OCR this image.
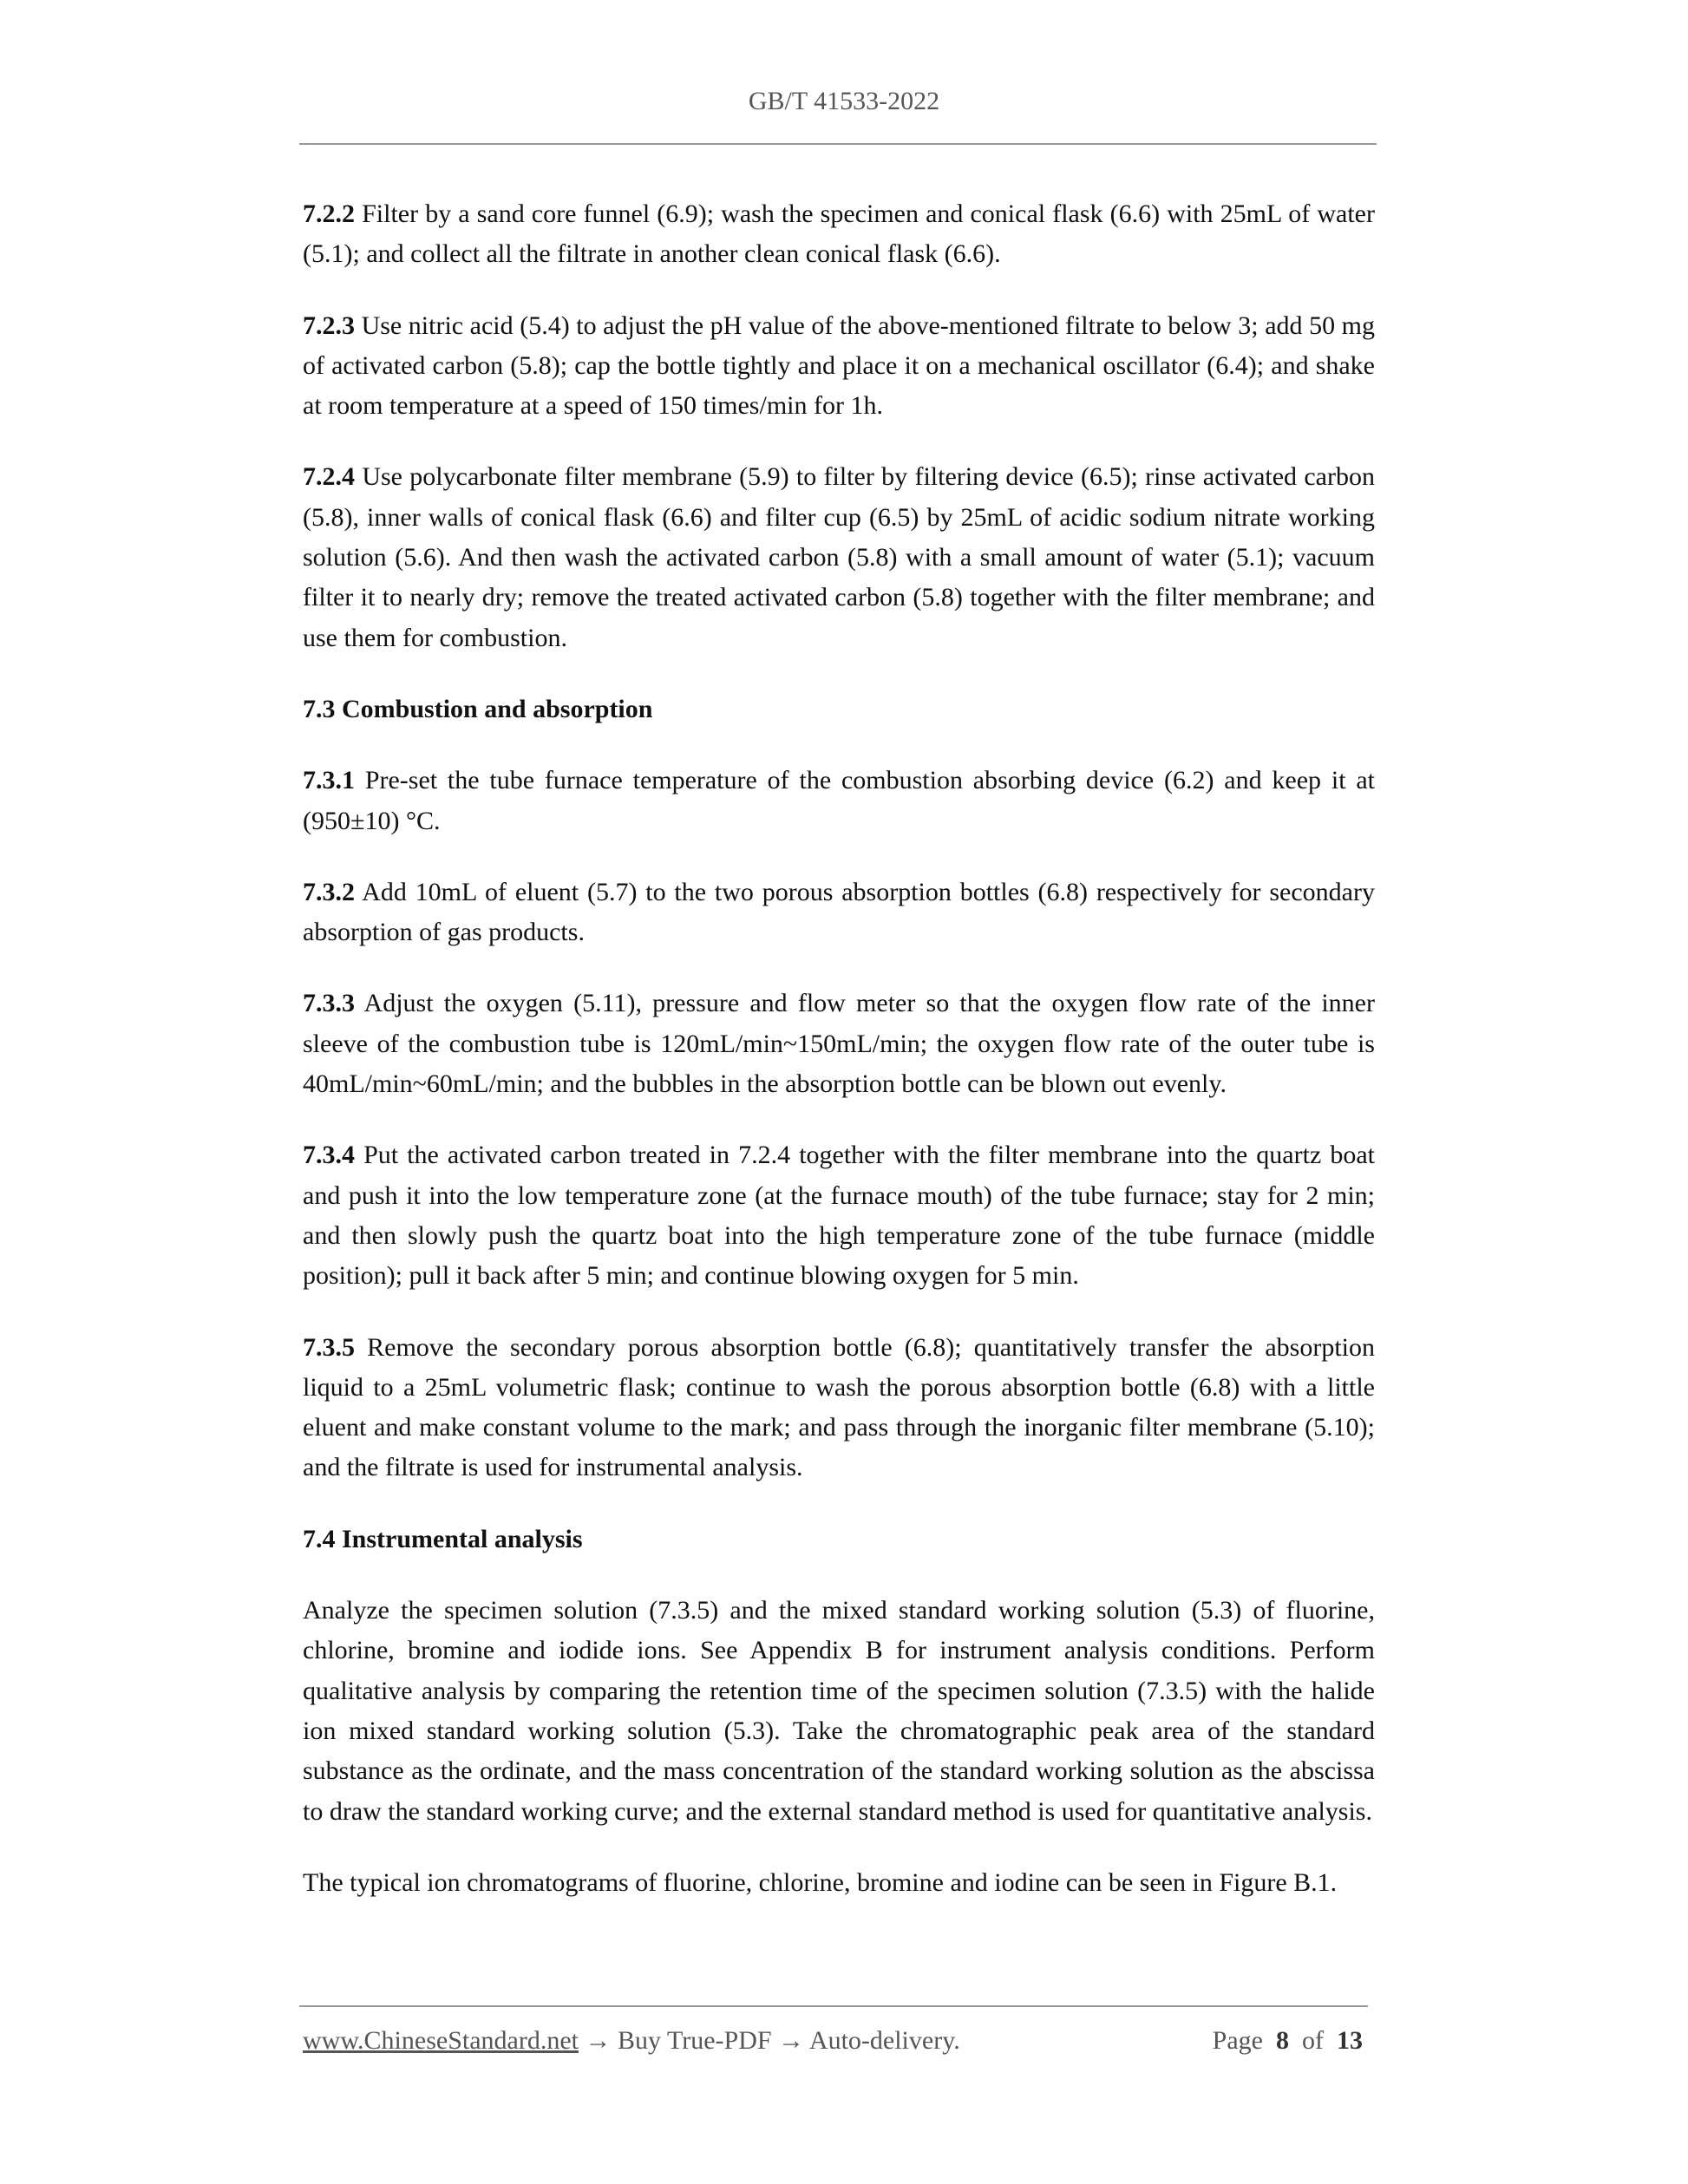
GB/T 41533-2022

7.2.2 Filter by a sand core funnel (6.9); wash the specimen and conical flask (6.6) with 25mL of water (5.1); and collect all the filtrate in another clean conical flask (6.6).

7.2.3 Use nitric acid (5.4) to adjust the pH value of the above-mentioned filtrate to below 3; add 50 mg of activated carbon (5.8); cap the bottle tightly and place it on a mechanical oscillator (6.4); and shake at room temperature at a speed of 150 times/min for 1h.

7.2.4 Use polycarbonate filter membrane (5.9) to filter by filtering device (6.5); rinse activated carbon (5.8), inner walls of conical flask (6.6) and filter cup (6.5) by 25mL of acidic sodium nitrate working solution (5.6). And then wash the activated carbon (5.8) with a small amount of water (5.1); vacuum filter it to nearly dry; remove the treated activated carbon (5.8) together with the filter membrane; and use them for combustion.

7.3 Combustion and absorption

7.3.1 Pre-set the tube furnace temperature of the combustion absorbing device (6.2) and keep it at (950±10) °C.

7.3.2 Add 10mL of eluent (5.7) to the two porous absorption bottles (6.8) respectively for secondary absorption of gas products.

7.3.3 Adjust the oxygen (5.11), pressure and flow meter so that the oxygen flow rate of the inner sleeve of the combustion tube is 120mL/min~150mL/min; the oxygen flow rate of the outer tube is 40mL/min~60mL/min; and the bubbles in the absorption bottle can be blown out evenly.

7.3.4 Put the activated carbon treated in 7.2.4 together with the filter membrane into the quartz boat and push it into the low temperature zone (at the furnace mouth) of the tube furnace; stay for 2 min; and then slowly push the quartz boat into the high temperature zone of the tube furnace (middle position); pull it back after 5 min; and continue blowing oxygen for 5 min.

7.3.5 Remove the secondary porous absorption bottle (6.8); quantitatively transfer the absorption liquid to a 25mL volumetric flask; continue to wash the porous absorption bottle (6.8) with a little eluent and make constant volume to the mark; and pass through the inorganic filter membrane (5.10); and the filtrate is used for instrumental analysis.

7.4 Instrumental analysis

Analyze the specimen solution (7.3.5) and the mixed standard working solution (5.3) of fluorine, chlorine, bromine and iodide ions. See Appendix B for instrument analysis conditions. Perform qualitative analysis by comparing the retention time of the specimen solution (7.3.5) with the halide ion mixed standard working solution (5.3). Take the chromatographic peak area of the standard substance as the ordinate, and the mass concentration of the standard working solution as the abscissa to draw the standard working curve; and the external standard method is used for quantitative analysis.

The typical ion chromatograms of fluorine, chlorine, bromine and iodine can be seen in Figure B.1.

www.ChineseStandard.net → Buy True-PDF → Auto-delivery.	Page 8 of 13
